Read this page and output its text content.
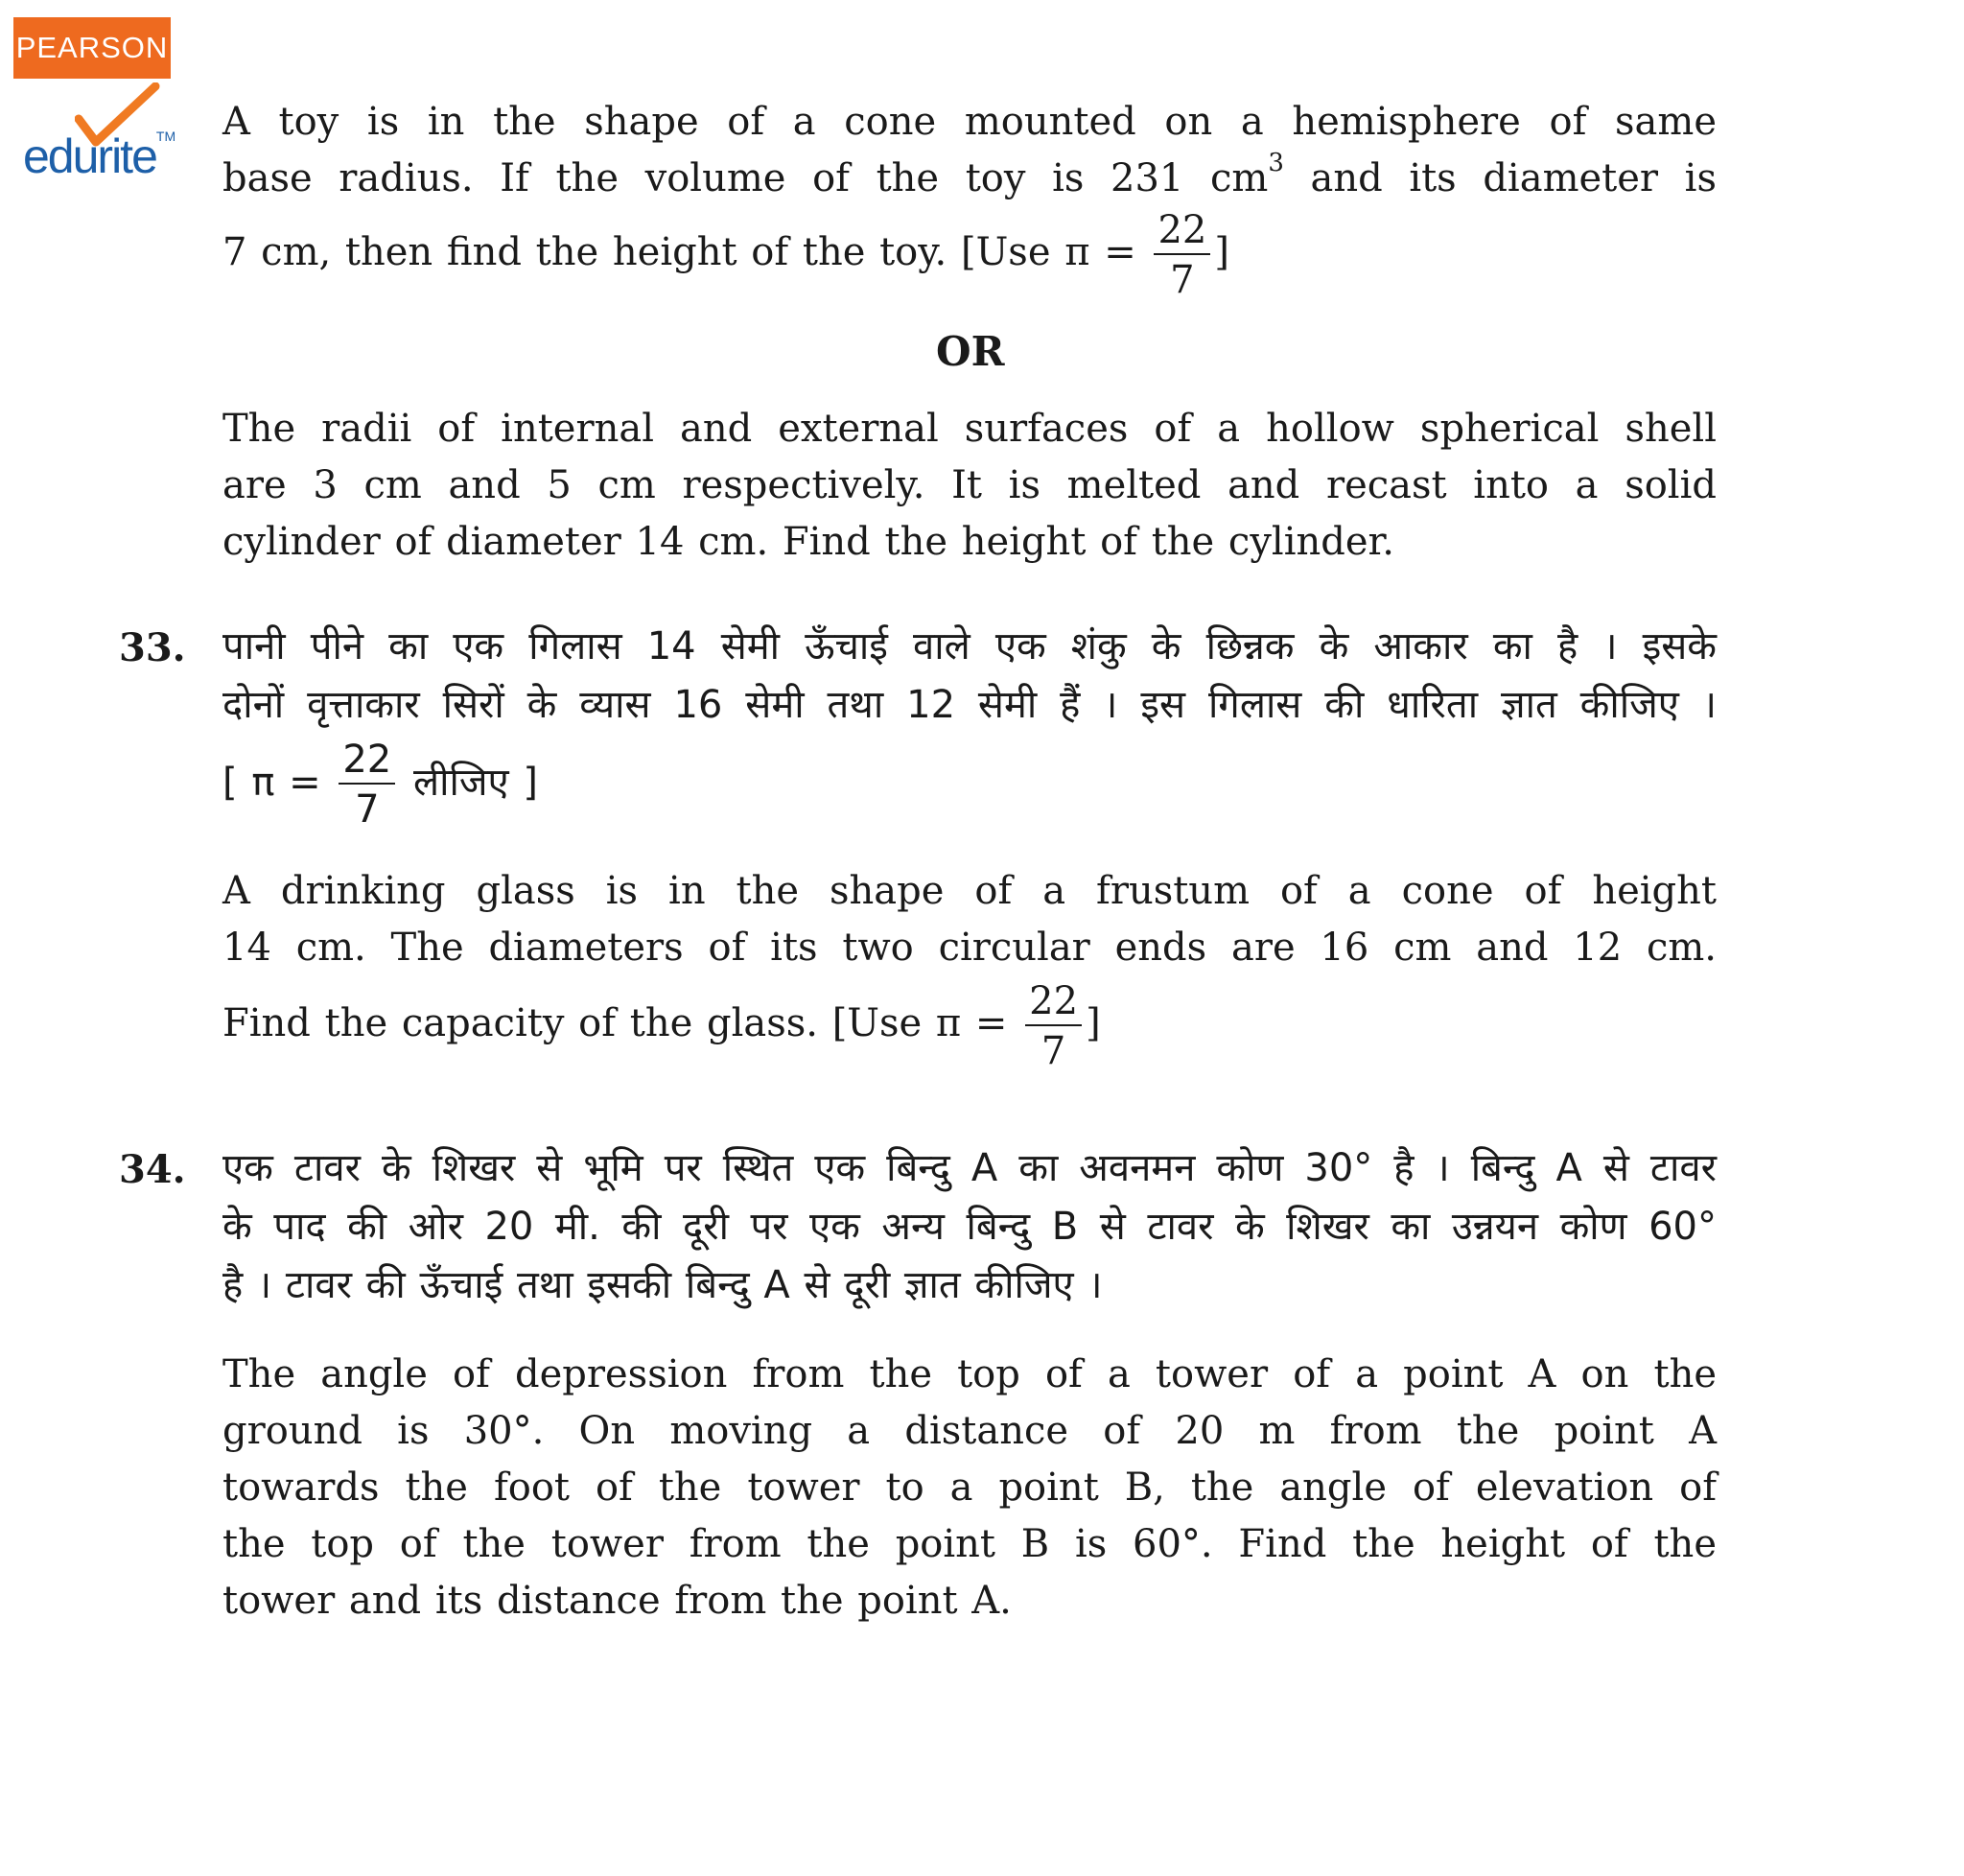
PEARSON
edurite™ A toy is in the shape of a cone mounted on a hemisphere of same
base radius. If the volume of the toy is 231 $cm^3$ and its diameter is
7 cm, then find the height of the toy. [Use $\pi = \frac{22}{7}$ ]
OR
The radii of internal and external surfaces of a hollow spherical shell
are 3 cm and 5 cm respectively. It is melted and recast into a solid
cylinder of diameter 14 cm. Find the height of the cylinder.
33. पानी पीने का एक गिलास 14 सेमी ऊँचाई वाले एक शंकु के छिन्नक के आकार का है । इसके
दोनों वृत्ताकार सिरों के व्यास 16 सेमी तथा 12 सेमी हैं । इस गिलास की धारिता ज्ञात कीजिए ।
[ $\pi = \frac{22}{7}$ लीजिए ]
A drinking glass is in the shape of a frustum of a cone of height
14 cm. The diameters of its two circular ends are 16 cm and 12 cm.
Find the capacity of the glass. [Use $\pi = \frac{22}{7}$ ]
34. एक टावर के शिखर से भूमि पर स्थित एक बिन्दु A का अवनमन कोण 30° है । बिन्दु A से टावर
के पाद की ओर 20 मी. की दूरी पर एक अन्य बिन्दु B से टावर के शिखर का उन्नयन कोण 60°
है । टावर की ऊँचाई तथा इसकी बिन्दु A से दूरी ज्ञात कीजिए ।
The angle of depression from the top of a tower of a point A on the
ground is 30°. On moving a distance of 20 m from the point A
towards the foot of the tower to a point B, the angle of elevation of
the top of the tower from the point B is 60°. Find the height of the
tower and its distance from the point A.
